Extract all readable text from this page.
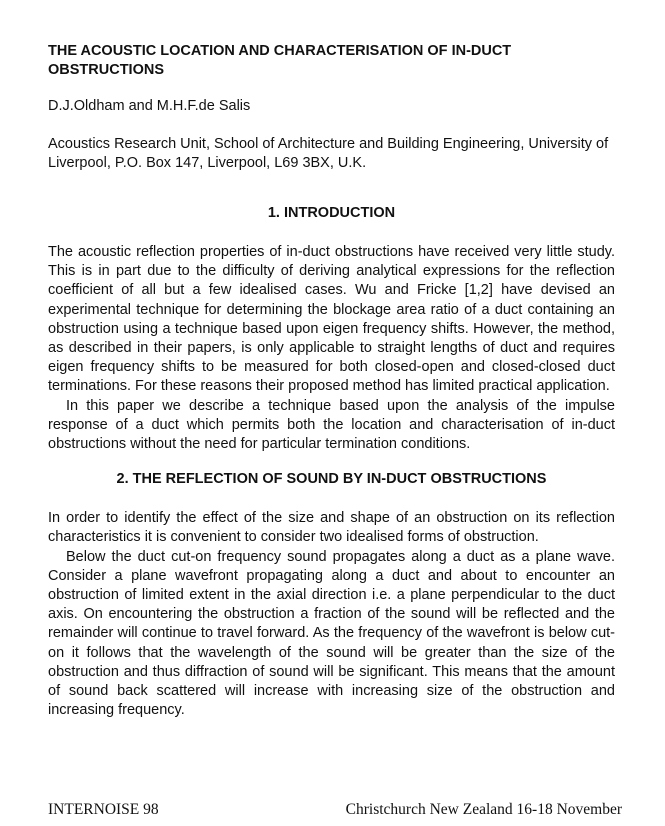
THE ACOUSTIC LOCATION AND CHARACTERISATION OF IN-DUCT OBSTRUCTIONS
D.J.Oldham and M.H.F.de Salis
Acoustics Research Unit, School of Architecture and Building Engineering, University of Liverpool, P.O. Box 147, Liverpool, L69 3BX, U.K.
1. INTRODUCTION

The acoustic reflection properties of in-duct obstructions have received very little study. This is in part due to the difficulty of deriving analytical expressions for the reflection coefficient of all but a few idealised cases. Wu and Fricke [1,2] have devised an experimental technique for determining the blockage area ratio of a duct containing an obstruction using a technique based upon eigen frequency shifts. However, the method, as described in their papers, is only applicable to straight lengths of duct and requires eigen frequency shifts to be measured for both closed-open and closed-closed duct terminations. For these reasons their proposed method has limited practical application.

In this paper we describe a technique based upon the analysis of the impulse response of a duct which permits both the location and characterisation of in-duct obstructions without the need for particular termination conditions.

2. THE REFLECTION OF SOUND BY IN-DUCT OBSTRUCTIONS

In order to identify the effect of the size and shape of an obstruction on its reflection characteristics it is convenient to consider two idealised forms of obstruction.

Below the duct cut-on frequency sound propagates along a duct as a plane wave. Consider a plane wavefront propagating along a duct and about to encounter an obstruction of limited extent in the axial direction i.e. a plane perpendicular to the duct axis. On encountering the obstruction a fraction of the sound will be reflected and the remainder will continue to travel forward. As the frequency of the wavefront is below cut-on it follows that the wavelength of the sound will be greater than the size of the obstruction and thus diffraction of sound will be significant. This means that the amount of sound back scattered will increase with increasing size of the obstruction and increasing frequency.

INTERNOISE 98	Christchurch New Zealand 16-18 November
